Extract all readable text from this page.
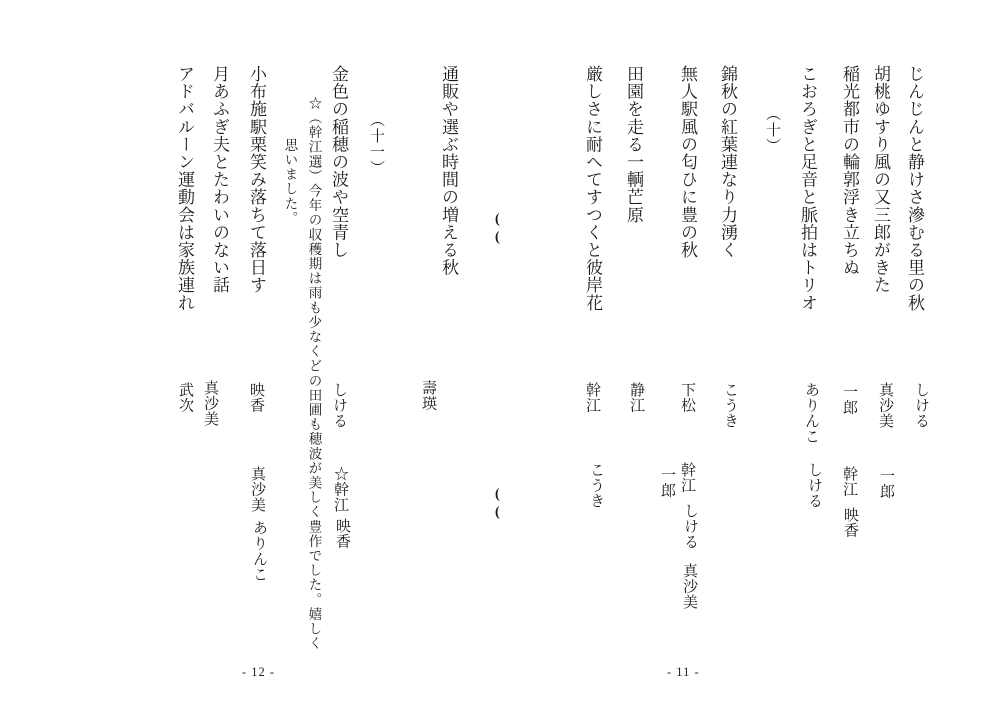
じんじんと静けさ滲むる里の秋
しける
胡桃ゆすり風の又三郎がきた
真沙美
一郎
稲光都市の輪郭浮き立ちぬ
一郎
幹江
映香
こおろぎと足音と脈拍はトリオ
ありんこ
しける
（十）
錦秋の紅葉連なり力湧く
こうき
無人駅風の匂ひに豊の秋
下松
幹江
しける
真沙美
一郎
田園を走る一輌芒原
静江
厳しさに耐へてすつくと彼岸花
幹江
こうき
- 11 -
(
(
(
(
通販や選ぶ時間の増える秋
壽瑛
（十一）
金色の稲穂の波や空青し
しける
☆幹江
映香
☆（幹江選）今年の収穫期は雨も少なくどの田圃も穂波が美しく豊作でした。嬉しく
思いました。
小布施駅栗笑み落ちて落日す
映香
真沙美
ありんこ
月あふぎ夫とたわいのない話
真沙美
アドバルーン運動会は家族連れ
武次
- 12 -
